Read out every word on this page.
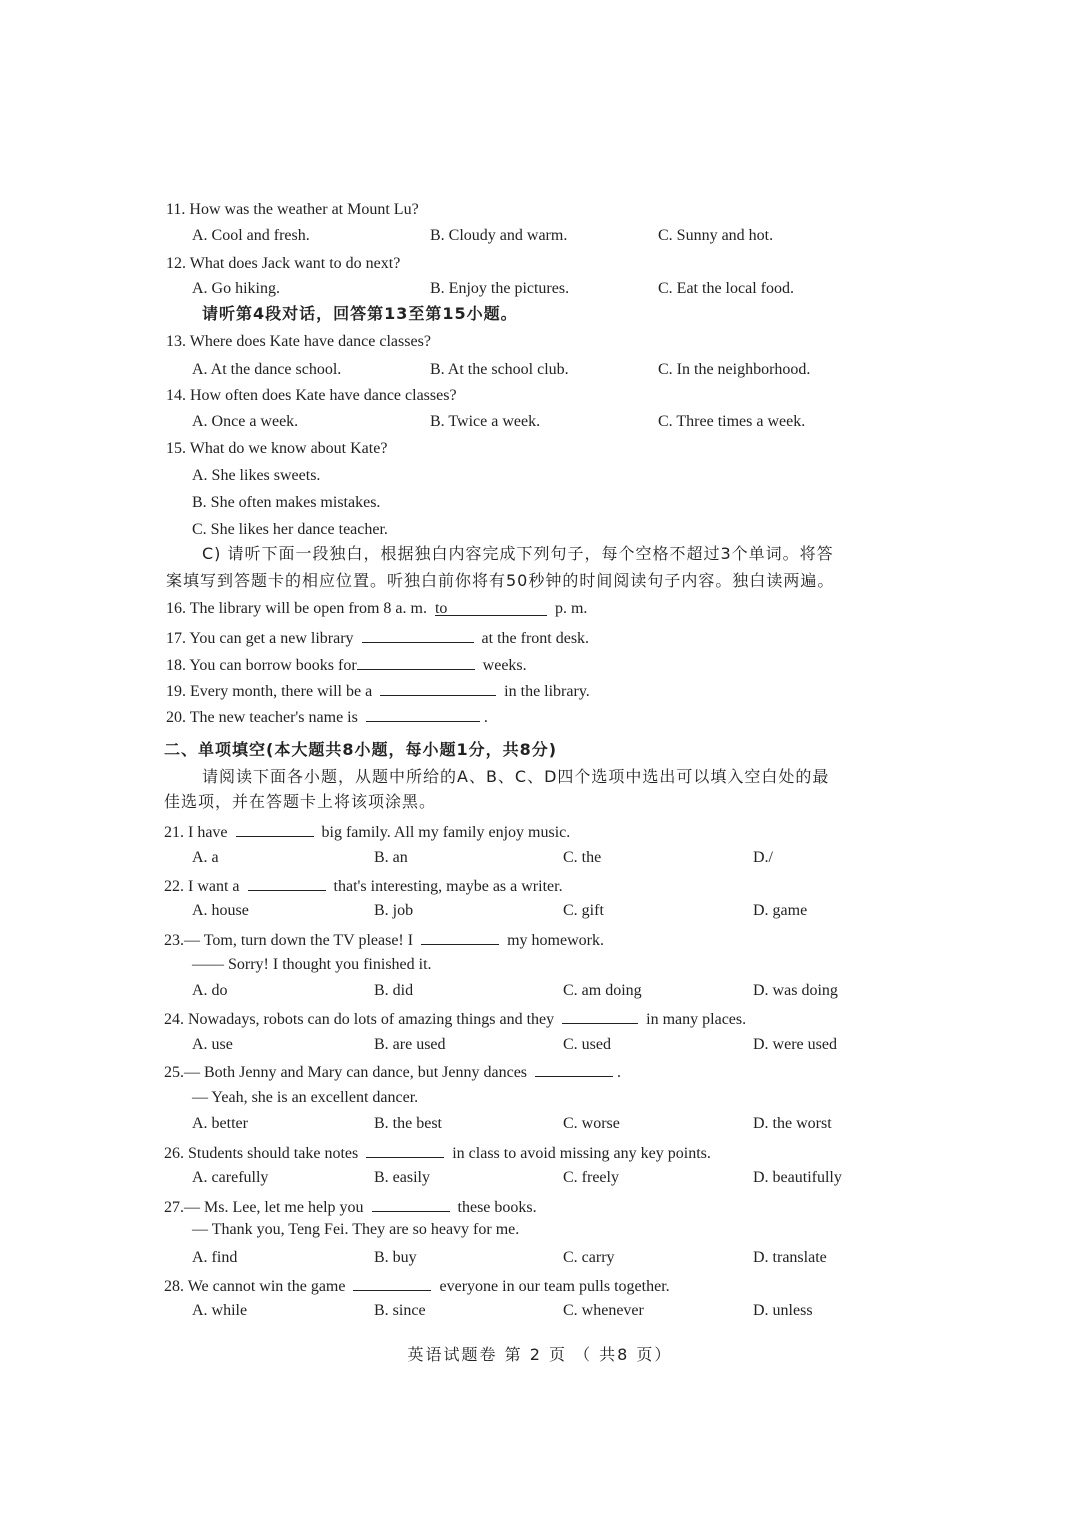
11. How was the weather at Mount Lu?
A. Cool and fresh.	B. Cloudy and warm.	C. Sunny and hot.
12. What does Jack want to do next?
A. Go hiking.	B. Enjoy the pictures.	C. Eat the local food.
请听第4段对话，回答第13至第15小题。
13. Where does Kate have dance classes?
A. At the dance school.	B. At the school club.	C. In the neighborhood.
14. How often does Kate have dance classes?
A. Once a week.	B. Twice a week.	C. Three times a week.
15. What do we know about Kate?
A. She likes sweets.
B. She often makes mistakes.
C. She likes her dance teacher.
C) 请听下面一段独白，根据独白内容完成下列句子，每个空格不超过3个单词。将答
案填写到答题卡的相应位置。听独白前你将有50秒钟的时间阅读句子内容。独白读两遍。
16. The library will be open from 8 a. m. to	p. m.
17. You can get a new library	at the front desk.
18. You can borrow books for	weeks.
19. Every month, there will be a	in the library.
20. The new teacher's name is	.
二、单项填空(本大题共8小题，每小题1分，共8分)
请阅读下面各小题，从题中所给的A、B、C、D四个选项中选出可以填入空白处的最
佳选项，并在答题卡上将该项涂黑。
21. I have	big family. All my family enjoy music.
A. a	B. an	C. the	D./
22. I want a	that's interesting, maybe as a writer.
A. house	B. job	C. gift	D. game
23.— Tom, turn down the TV please! I	my homework.
—— Sorry! I thought you finished it.
A. do	B. did	C. am doing	D. was doing
24. Nowadays, robots can do lots of amazing things and they	in many places.
A. use	B. are used	C. used	D. were used
25.— Both Jenny and Mary can dance, but Jenny dances	.
— Yeah, she is an excellent dancer.
A. better	B. the best	C. worse	D. the worst
26. Students should take notes	in class to avoid missing any key points.
A. carefully	B. easily	C. freely	D. beautifully
27.— Ms. Lee, let me help you	these books.
— Thank you, Teng Fei. They are so heavy for me.
A. find	B. buy	C. carry	D. translate
28. We cannot win the game	everyone in our team pulls together.
A. while	B. since	C. whenever	D. unless
英语试题卷 第 2 页 （ 共8 页）
